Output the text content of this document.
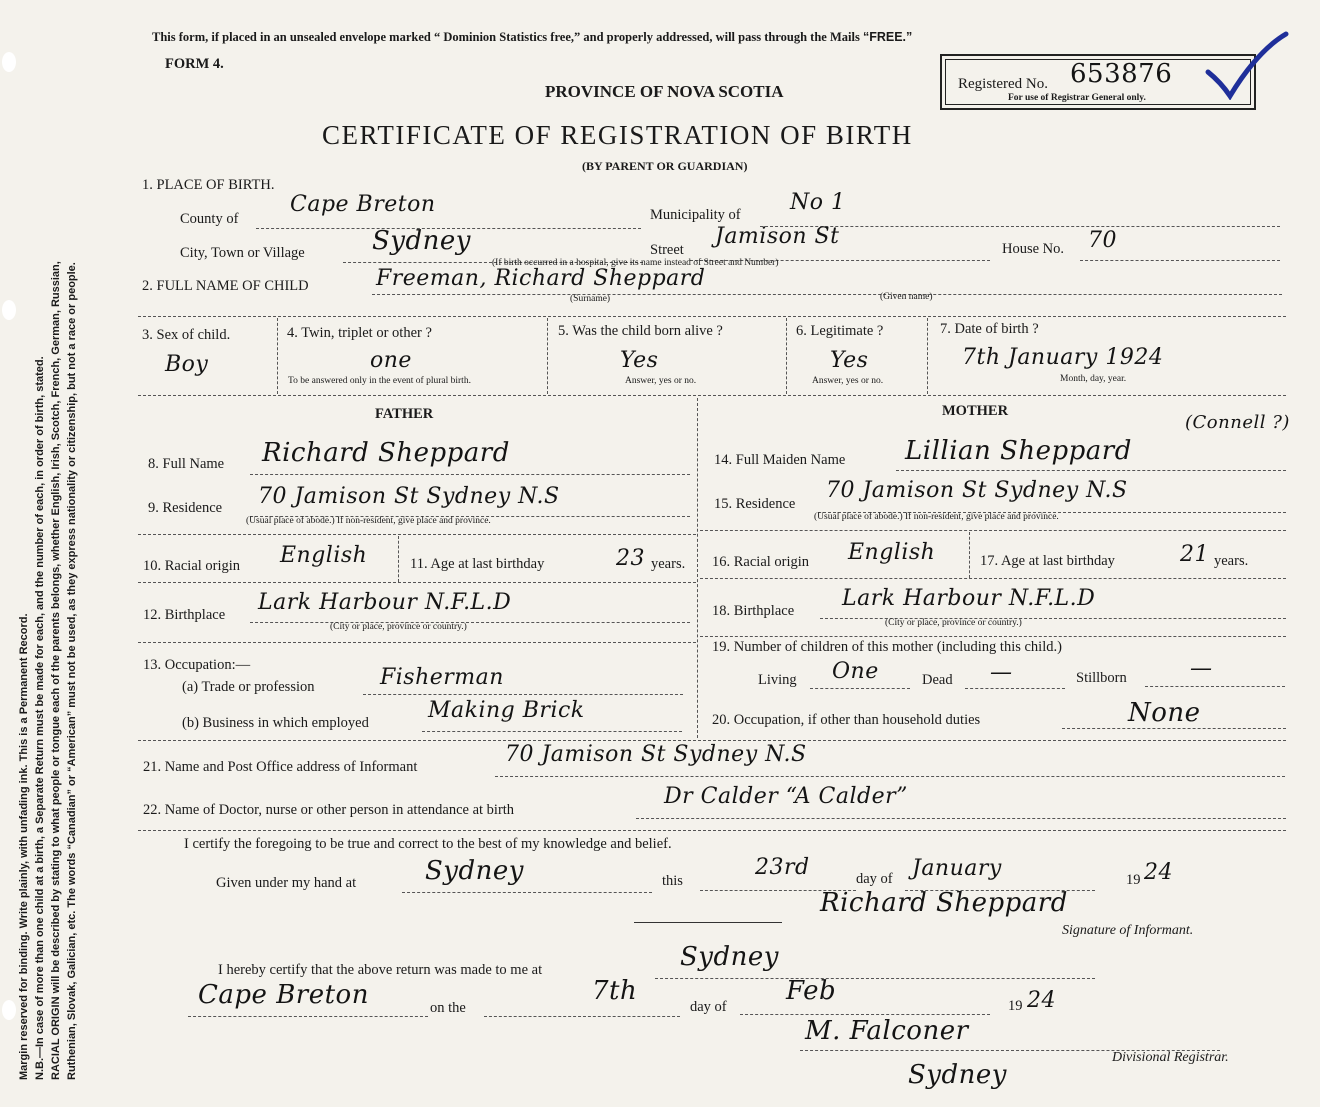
Margin reserved for binding. Write plainly, with unfading ink. This is a Permanent Record. N.B.—In case of more than one child at a birth, a Separate Return must be made for each, and the number of each, in order of birth, stated. RACIAL ORIGIN will be described by stating to what people or tongue each of the parents belongs, whether English, Irish, Scotch, French, German, Russian, Ruthenian, Slovak, Galician, etc. The words “Canadian” or “American” must not be used, as they express nationality or citizenship, but not a race or people.
This form, if placed in an unsealed envelope marked “ Dominion Statistics free,” and properly addressed, will pass through the Mails “FREE.”
FORM 4.
PROVINCE OF NOVA SCOTIA
CERTIFICATE OF REGISTRATION OF BIRTH
(BY PARENT OR GUARDIAN)
Registered No. 653876
For use of Registrar General only.
1. PLACE OF BIRTH.
County of
Cape Breton	Municipality of No 1
City, Town or Village	Sydney	Street
Jamison St	House No. 70
(If birth occurred in a hospital, give its name instead of Street and Number)
2. FULL NAME OF CHILD	Freeman, Richard Sheppard
(Surname)	(Given name)
3. Sex of child.
Boy
4. Twin, triplet or other ?
one
To be answered only in the event of plural birth.
5. Was the child born alive ?
Yes
Answer, yes or no.
6. Legitimate ?
Yes
Answer, yes or no.
7. Date of birth ?
7th January 1924
Month, day, year.
FATHER	MOTHER
(Connell ?)
8. Full Name Richard Sheppard
9. Residence 70 Jamison St Sydney N.S
(Usual place of abode.) If non-resident, give place and province.
10. Racial origin English	11. Age at last birthday	23 years.
12. Birthplace Lark Harbour N.F.L.D
(City or place, province or country.)
13. Occupation:—
(a) Trade or profession	Fisherman
(b) Business in which employed	Making Brick
14. Full Maiden Name Lillian Sheppard
15. Residence
70 Jamison St Sydney N.S
(Usual place of abode.) If non-resident, give place and province.
16. Racial origin English	17. Age at last birthday	21 years.
18. Birthplace Lark Harbour N.F.L.D
(City or place, province or country.)
19. Number of children of this mother (including this child.)
Living One	Dead —	Stillborn	—
20. Occupation, if other than household duties	None
21. Name and Post Office address of Informant	70 Jamison St Sydney N.S
22. Name of Doctor, nurse or other person in attendance at birth
Dr Calder “A Calder”
I certify the foregoing to be true and correct to the best of my knowledge and belief.
Given under my hand at	Sydney	this
23rd	day of January	19 24
Richard Sheppard
Signature of Informant.
I hereby certify that the above return was made to me at	Sydney
Cape Breton	on the
7th
day of
Feb	19 24
M. Falconer
Divisional Registrar.
Sydney
